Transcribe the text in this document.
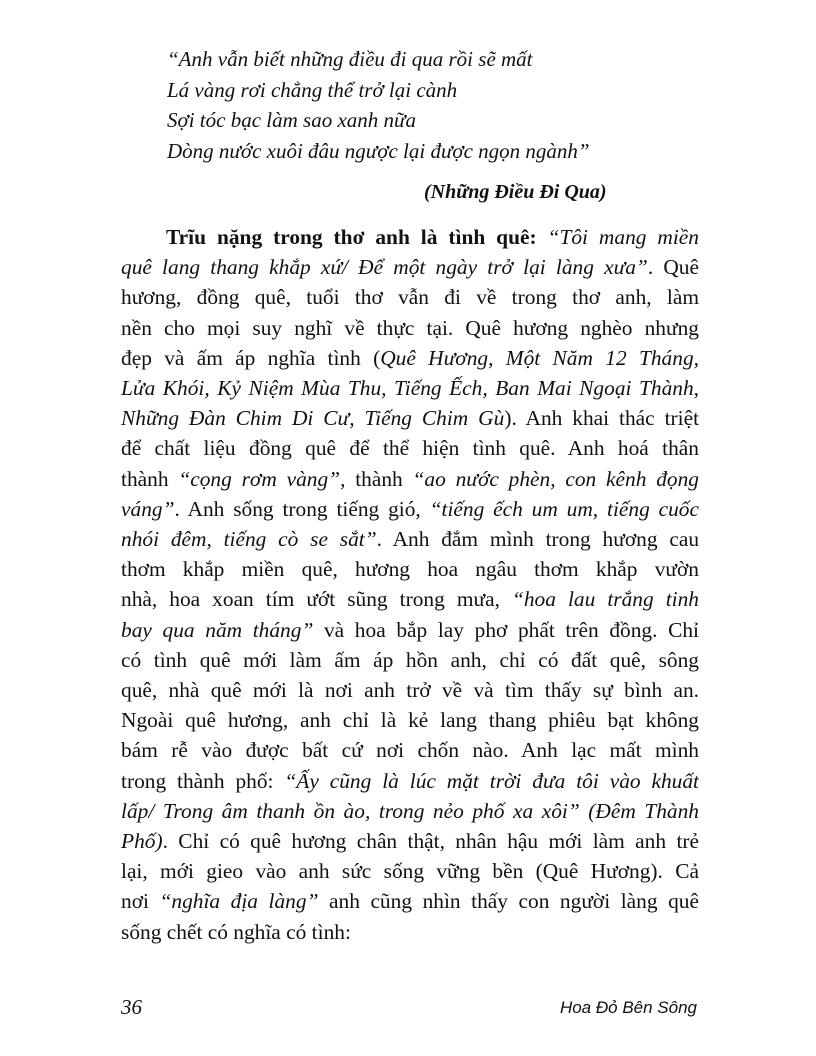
“Anh vẫn biết những điều đi qua rồi sẽ mất
Lá vàng rơi chẳng thể trở lại cành
Sợi tóc bạc làm sao xanh nữa
Dòng nước xuôi đâu ngược lại được ngọn ngành”
(Những Điều Đi Qua)
Trĩu nặng trong thơ anh là tình quê: “Tôi mang miền
quê lang thang khắp xứ/ Để một ngày trở lại làng xưa”. Quê
hương, đồng quê, tuổi thơ vẫn đi về trong thơ anh, làm
nền cho mọi suy nghĩ về thực tại. Quê hương nghèo nhưng
đẹp và ấm áp nghĩa tình (Quê Hương, Một Năm 12 Tháng,
Lửa Khói, Kỷ Niệm Mùa Thu, Tiếng Ếch, Ban Mai Ngoại Thành,
Những Đàn Chim Di Cư, Tiếng Chim Gù). Anh khai thác triệt
để chất liệu đồng quê để thể hiện tình quê. Anh hoá thân
thành “cọng rơm vàng”, thành “ao nước phèn, con kênh đọng
váng”. Anh sống trong tiếng gió, “tiếng ếch um um, tiếng cuốc
nhói đêm, tiếng cò se sắt”. Anh đắm mình trong hương cau
thơm khắp miền quê, hương hoa ngâu thơm khắp vườn
nhà, hoa xoan tím ướt sũng trong mưa, “hoa lau trắng tinh
bay qua năm tháng” và hoa bắp lay phơ phất trên đồng. Chỉ
có tình quê mới làm ấm áp hồn anh, chỉ có đất quê, sông
quê, nhà quê mới là nơi anh trở về và tìm thấy sự bình an.
Ngoài quê hương, anh chỉ là kẻ lang thang phiêu bạt không
bám rễ vào được bất cứ nơi chốn nào. Anh lạc mất mình
trong thành phố: “Ấy cũng là lúc mặt trời đưa tôi vào khuất
lấp/ Trong âm thanh ồn ào, trong nẻo phố xa xôi” (Đêm Thành
Phố). Chỉ có quê hương chân thật, nhân hậu mới làm anh trẻ
lại, mới gieo vào anh sức sống vững bền (Quê Hương). Cả
nơi “nghĩa địa làng” anh cũng nhìn thấy con người làng quê
sống chết có nghĩa có tình:
36	Hoa Đỏ Bên Sông
